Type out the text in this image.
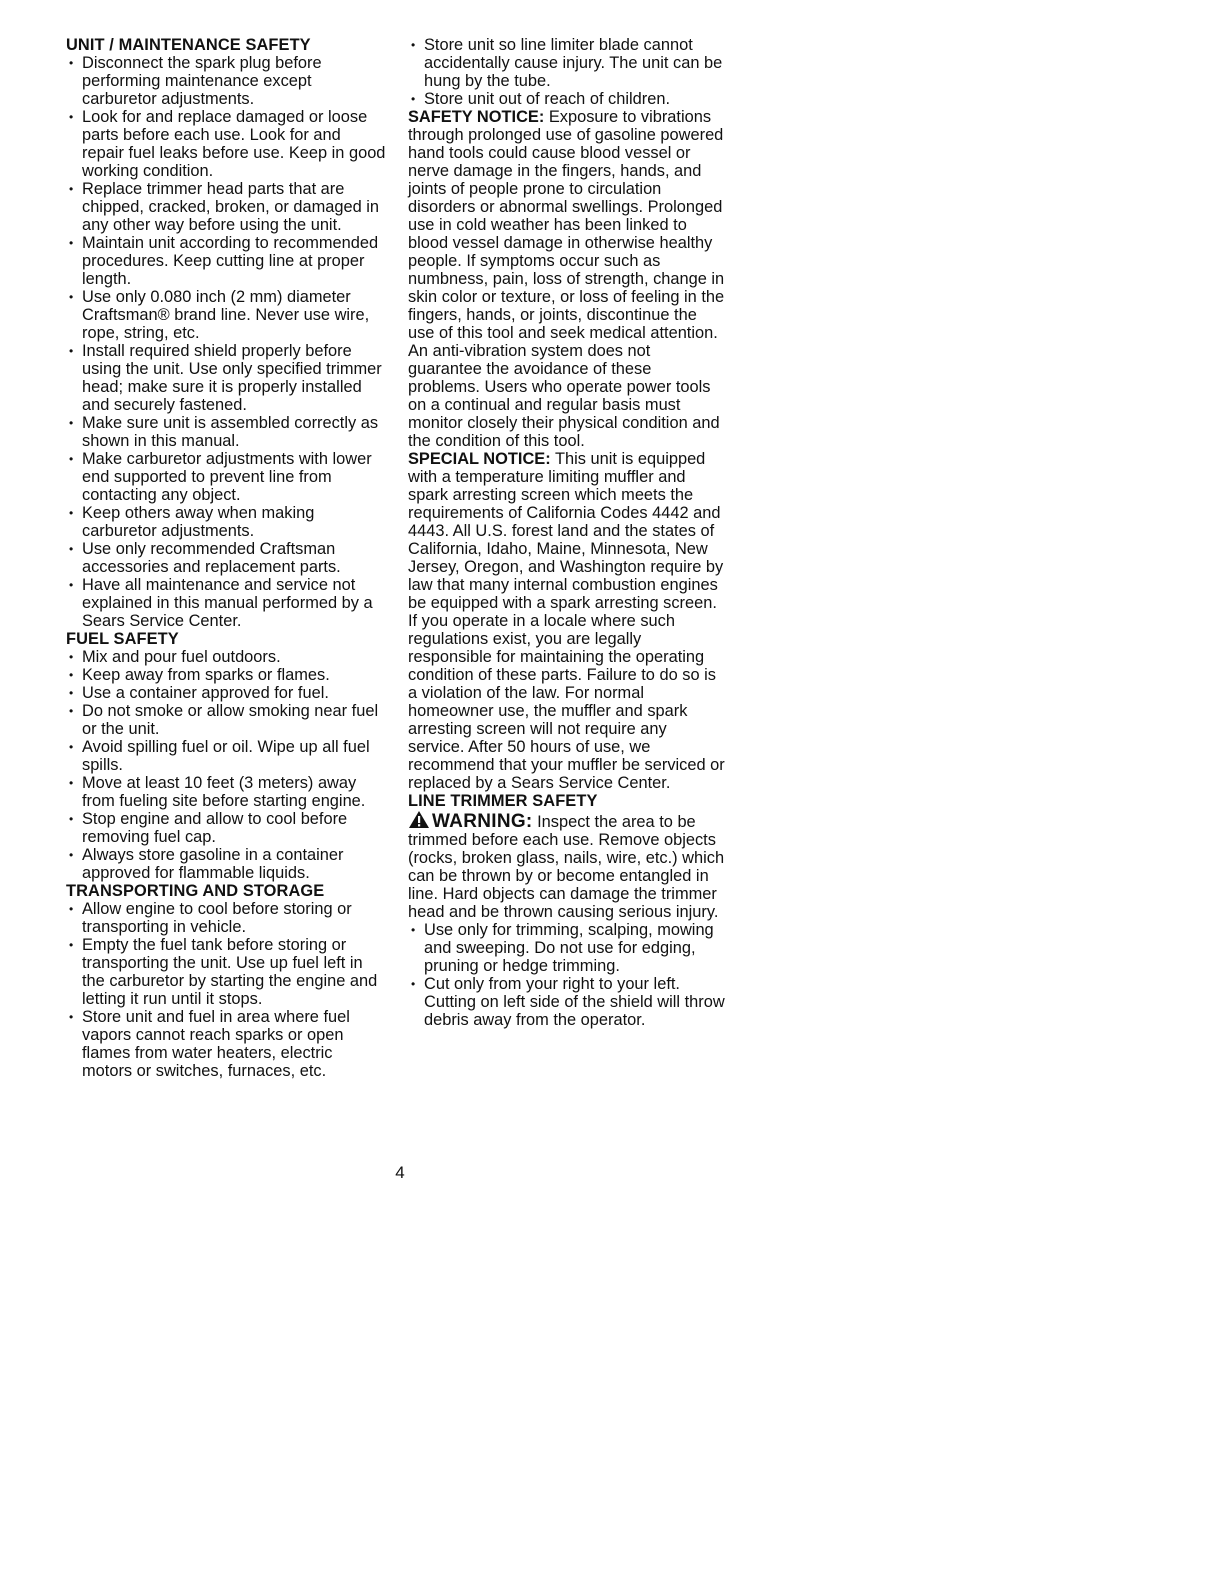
UNIT / MAINTENANCE SAFETY
• Disconnect the spark plug before performing maintenance except carburetor adjustments.
• Look for and replace damaged or loose parts before each use. Look for and repair fuel leaks before use. Keep in good working condition.
• Replace trimmer head parts that are chipped, cracked, broken, or damaged in any other way before using the unit.
• Maintain unit according to recommended procedures. Keep cutting line at proper length.
• Use only 0.080 inch (2 mm) diameter Craftsman® brand line. Never use wire, rope, string, etc.
• Install required shield properly before using the unit. Use only specified trimmer head; make sure it is properly installed and securely fastened.
• Make sure unit is assembled correctly as shown in this manual.
• Make carburetor adjustments with lower end supported to prevent line from contacting any object.
• Keep others away when making carburetor adjustments.
• Use only recommended Craftsman accessories and replacement parts.
• Have all maintenance and service not explained in this manual performed by a Sears Service Center.
FUEL SAFETY
• Mix and pour fuel outdoors.
• Keep away from sparks or flames.
• Use a container approved for fuel.
• Do not smoke or allow smoking near fuel or the unit.
• Avoid spilling fuel or oil. Wipe up all fuel spills.
• Move at least 10 feet (3 meters) away from fueling site before starting engine.
• Stop engine and allow to cool before removing fuel cap.
• Always store gasoline in a container approved for flammable liquids.
TRANSPORTING AND STORAGE
• Allow engine to cool before storing or transporting in vehicle.
• Empty the fuel tank before storing or transporting the unit. Use up fuel left in the carburetor by starting the engine and letting it run until it stops.
• Store unit and fuel in area where fuel vapors cannot reach sparks or open flames from water heaters, electric motors or switches, furnaces, etc.
• Store unit so line limiter blade cannot accidentally cause injury. The unit can be hung by the tube.
• Store unit out of reach of children.

SAFETY NOTICE: Exposure to vibrations through prolonged use of gasoline powered hand tools could cause blood vessel or nerve damage in the fingers, hands, and joints of people prone to circulation disorders or abnormal swellings. Prolonged use in cold weather has been linked to blood vessel damage in otherwise healthy people. If symptoms occur such as numbness, pain, loss of strength, change in skin color or texture, or loss of feeling in the fingers, hands, or joints, discontinue the use of this tool and seek medical attention. An anti-vibration system does not guarantee the avoidance of these problems. Users who operate power tools on a continual and regular basis must monitor closely their physical condition and the condition of this tool.

SPECIAL NOTICE: This unit is equipped with a temperature limiting muffler and spark arresting screen which meets the requirements of California Codes 4442 and 4443. All U.S. forest land and the states of California, Idaho, Maine, Minnesota, New Jersey, Oregon, and Washington require by law that many internal combustion engines be equipped with a spark arresting screen. If you operate in a locale where such regulations exist, you are legally responsible for maintaining the operating condition of these parts. Failure to do so is a violation of the law. For normal homeowner use, the muffler and spark arresting screen will not require any service. After 50 hours of use, we recommend that your muffler be serviced or replaced by a Sears Service Center.

LINE TRIMMER SAFETY

WARNING: Inspect the area to be trimmed before each use. Remove objects (rocks, broken glass, nails, wire, etc.) which can be thrown by or become entangled in line. Hard objects can damage the trimmer head and be thrown causing serious injury.

• Use only for trimming, scalping, mowing and sweeping. Do not use for edging, pruning or hedge trimming.
• Cut only from your right to your left. Cutting on left side of the shield will throw debris away from the operator.
4
